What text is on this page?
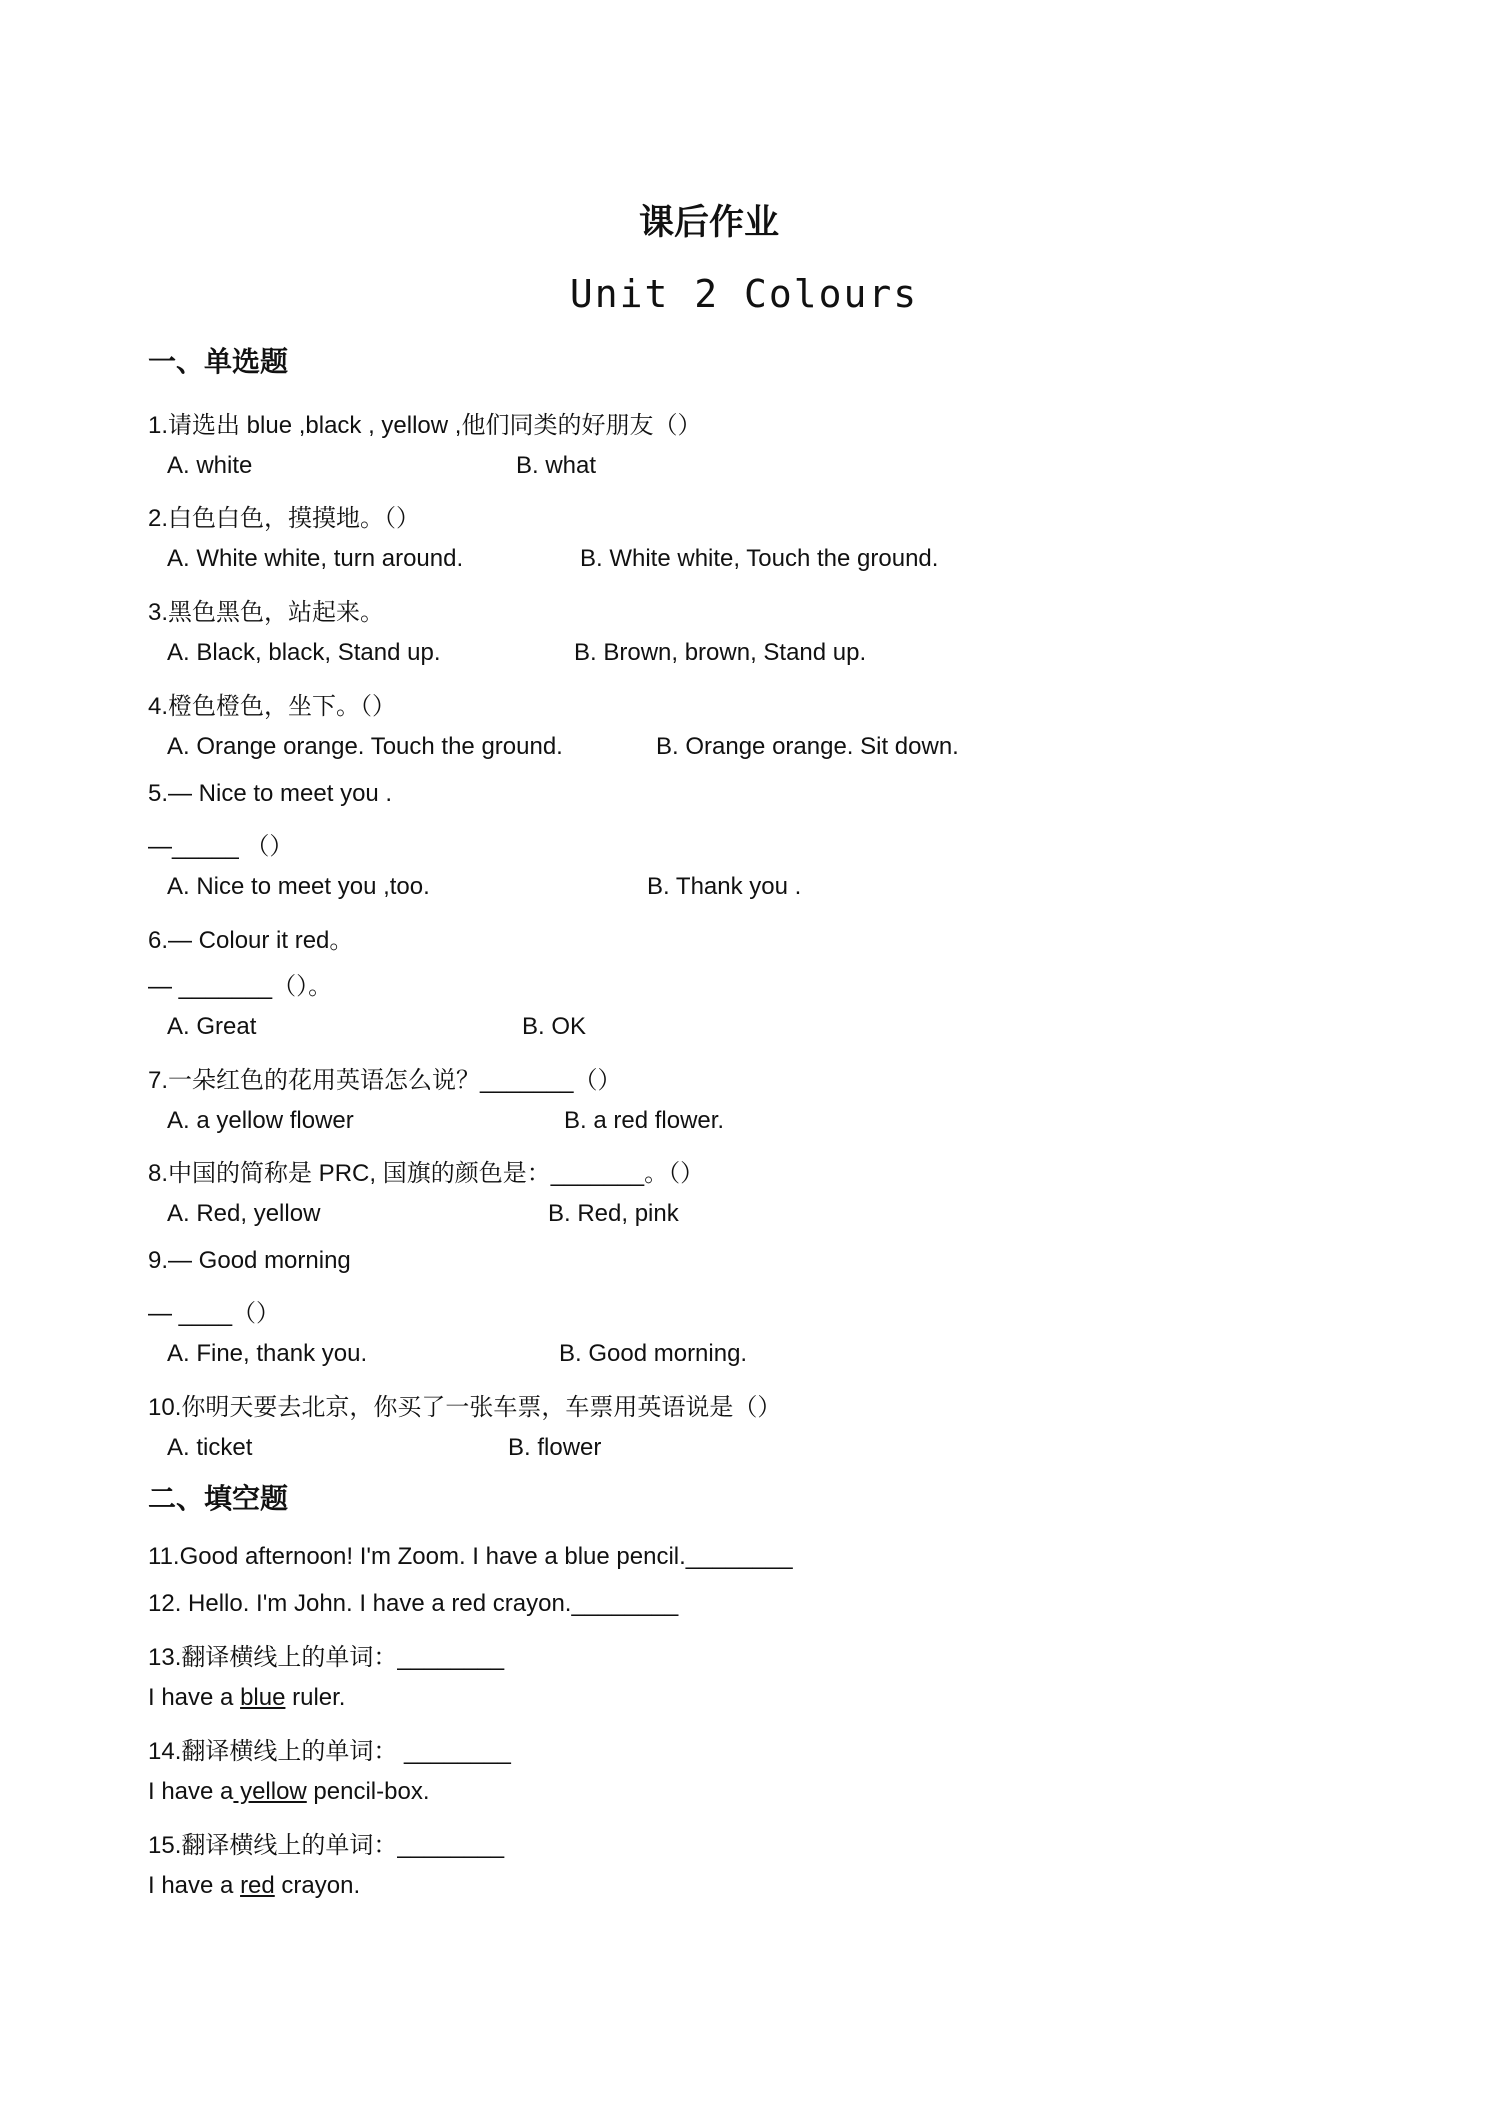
课后作业
Unit 2 Colours
一、单选题
1.请选出 blue ,black , yellow ,他们同类的好朋友（）
A. white	B. what
2.白色白色，摸摸地。（）
A. White white, turn around.	B. White white, Touch the ground.
3.黑色黑色，站起来。
A. Black, black, Stand up.	B. Brown, brown, Stand up.
4.橙色橙色，坐下。（）
A. Orange orange. Touch the ground.	B. Orange orange. Sit down.
5.— Nice to meet you .
—_____ （）
A. Nice to meet you ,too.	B. Thank you .
6.— Colour it red。
— _______（）。
A. Great	B. OK
7.一朵红色的花用英语怎么说？_______（）
A. a yellow flower	B. a red flower.
8.中国的简称是 PRC, 国旗的颜色是：_______。（）
A. Red, yellow	B. Red, pink
9.— Good morning
— ____（）
A. Fine, thank you.	B. Good morning.
10.你明天要去北京，你买了一张车票，车票用英语说是（）
A. ticket	B. flower
二、填空题
11.Good afternoon! I'm Zoom. I have a blue pencil.________
12. Hello. I'm John. I have a red crayon.________
13.翻译横线上的单词：________
I have a blue ruler.
14.翻译横线上的单词： ________
I have a yellow pencil-box.
15.翻译横线上的单词：________
I have a red crayon.
